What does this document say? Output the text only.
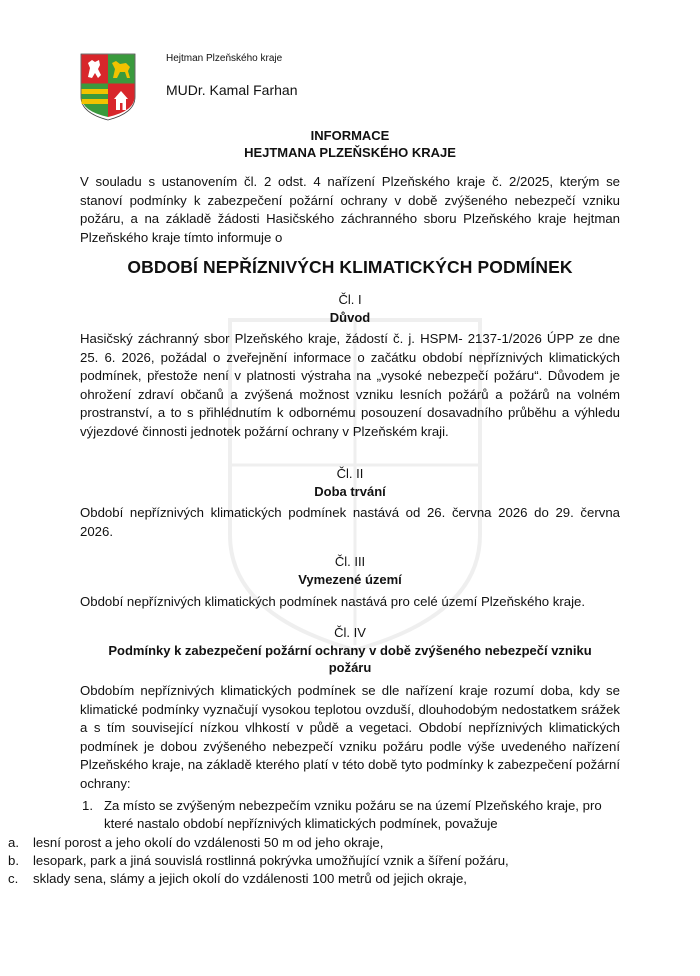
Hejtman Plzeňského kraje
MUDr. Kamal Farhan
INFORMACE
HEJTMANA PLZEŇSKÉHO KRAJE
V souladu s ustanovením čl. 2 odst. 4 nařízení Plzeňského kraje č. 2/2025, kterým se stanoví podmínky k zabezpečení požární ochrany v době zvýšeného nebezpečí vzniku požáru, a na základě žádosti Hasičského záchranného sboru Plzeňského kraje hejtman Plzeňského kraje tímto informuje o
OBDOBÍ NEPŘÍZNIVÝCH KLIMATICKÝCH PODMÍNEK
Čl. I
Důvod
Hasičský záchranný sbor Plzeňského kraje, žádostí č. j. HSPM- 2137-1/2026 ÚPP ze dne 25. 6. 2026, požádal o zveřejnění informace o začátku období nepříznivých klimatických podmínek, přestože není v platnosti výstraha na „vysoké nebezpečí požáru“. Důvodem je ohrožení zdraví občanů a zvýšená možnost vzniku lesních požárů a požárů na volném prostranství, a to s přihlédnutím k odbornému posouzení dosavadního průběhu a výhledu výjezdové činnosti jednotek požární ochrany v Plzeňském kraji.
Čl. II
Doba trvání
Období nepříznivých klimatických podmínek nastává od 26. června 2026 do 29. června 2026.
Čl. III
Vymezené území
Období nepříznivých klimatických podmínek nastává pro celé území Plzeňského kraje.
Čl. IV
Podmínky k zabezpečení požární ochrany v době zvýšeného nebezpečí vzniku
požáru
Obdobím nepříznivých klimatických podmínek se dle nařízení kraje rozumí doba, kdy se klimatické podmínky vyznačují vysokou teplotou ovzduší, dlouhodobým nedostatkem srážek a s tím související nízkou vlhkostí v půdě a vegetaci. Období nepříznivých klimatických podmínek je dobou zvýšeného nebezpečí vzniku požáru podle výše uvedeného nařízení Plzeňského kraje, na základě kterého platí v této době tyto podmínky k zabezpečení požární ochrany:
1. Za místo se zvýšeným nebezpečím vzniku požáru se na území Plzeňského kraje, pro které nastalo období nepříznivých klimatických podmínek, považuje
a. lesní porost a jeho okolí do vzdálenosti 50 m od jeho okraje,
b. lesopark, park a jiná souvislá rostlinná pokrývka umožňující vznik a šíření požáru,
c. sklady sena, slámy a jejich okolí do vzdálenosti 100 metrů od jejich okraje,
